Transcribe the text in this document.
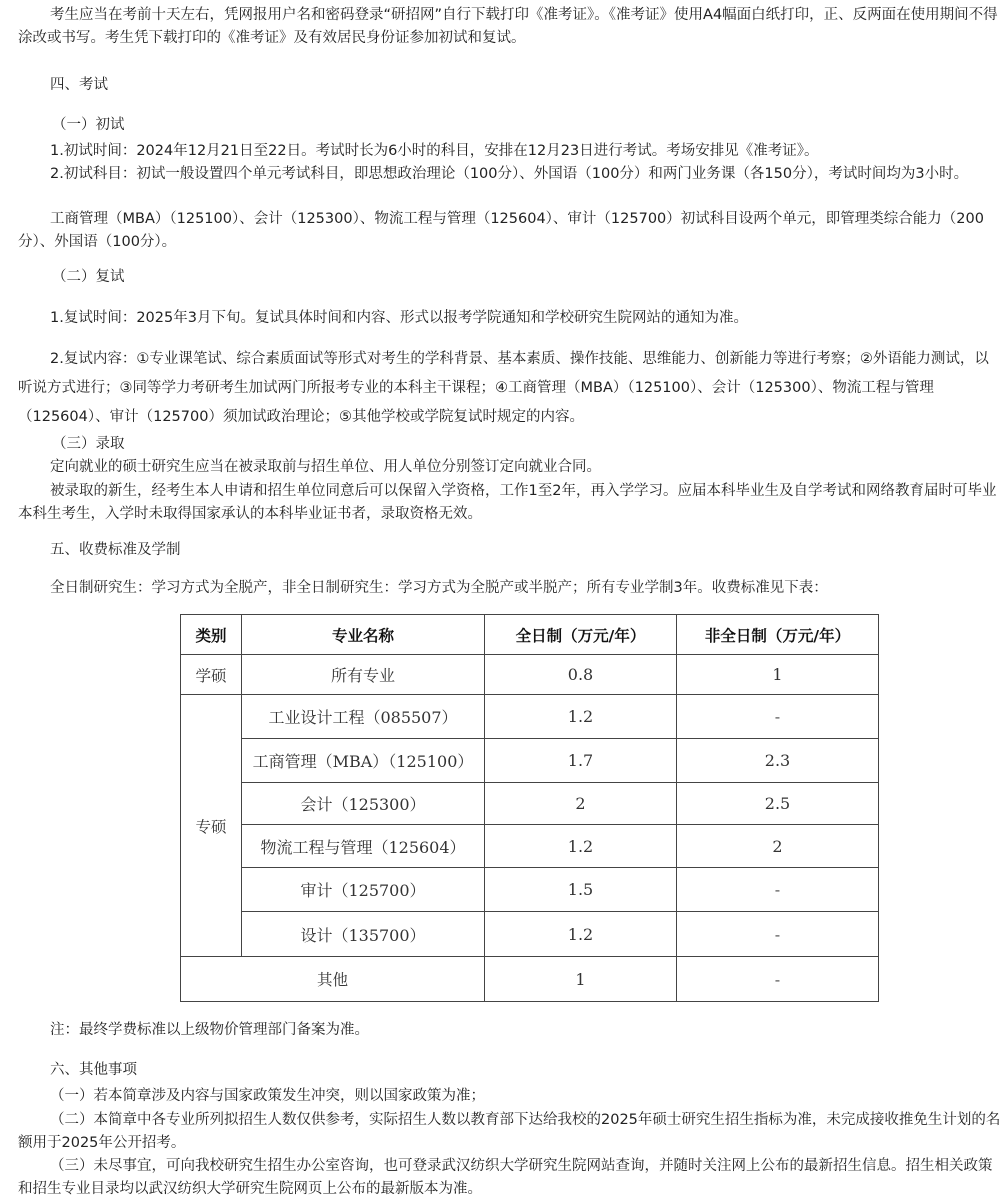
考生应当在考前十天左右，凭网报用户名和密码登录“研招网”自行下载打印《准考证》。《准考证》使用A4幅面白纸打印，正、反两面在使用期间不得涂改或书写。考生凭下载打印的《准考证》及有效居民身份证参加初试和复试。
四、考试
（一）初试
1.初试时间：2024年12月21日至22日。考试时长为6小时的科目，安排在12月23日进行考试。考场安排见《准考证》。
2.初试科目：初试一般设置四个单元考试科目，即思想政治理论（100分）、外国语（100分）和两门业务课（各150分），考试时间均为3小时。
工商管理（MBA）（125100）、会计（125300）、物流工程与管理（125604）、审计（125700）初试科目设两个单元，即管理类综合能力（200分）、外国语（100分）。
（二）复试
1.复试时间：2025年3月下旬。复试具体时间和内容、形式以报考学院通知和学校研究生院网站的通知为准。
2.复试内容：①专业课笔试、综合素质面试等形式对考生的学科背景、基本素质、操作技能、思维能力、创新能力等进行考察；②外语能力测试，以听说方式进行；③同等学力考研考生加试两门所报考专业的本科主干课程；④工商管理（MBA）（125100）、会计（125300）、物流工程与管理（125604）、审计（125700）须加试政治理论；⑤其他学校或学院复试时规定的内容。
（三）录取
定向就业的硕士研究生应当在被录取前与招生单位、用人单位分别签订定向就业合同。
被录取的新生，经考生本人申请和招生单位同意后可以保留入学资格，工作1至2年，再入学学习。应届本科毕业生及自学考试和网络教育届时可毕业本科生考生，入学时未取得国家承认的本科毕业证书者，录取资格无效。
五、收费标准及学制
全日制研究生：学习方式为全脱产，非全日制研究生：学习方式为全脱产或半脱产；所有专业学制3年。收费标准见下表：
类别	专业名称	全日制（万元/年）	非全日制（万元/年）
学硕	所有专业	0.8	1
专硕	工业设计工程（085507）	1.2	-
	工商管理（MBA）（125100）	1.7	2.3
	会计（125300）	2	2.5
	物流工程与管理（125604）	1.2	2
	审计（125700）	1.5	-
	设计（135700）	1.2	-
其他		1	-
注：最终学费标准以上级物价管理部门备案为准。
六、其他事项
（一）若本简章涉及内容与国家政策发生冲突，则以国家政策为准；
（二）本简章中各专业所列拟招生人数仅供参考，实际招生人数以教育部下达给我校的2025年硕士研究生招生指标为准，未完成接收推免生计划的名额用于2025年公开招考。
（三）未尽事宜，可向我校研究生招生办公室咨询，也可登录武汉纺织大学研究生院网站查询，并随时关注网上公布的最新招生信息。招生相关政策和招生专业目录均以武汉纺织大学研究生院网页上公布的最新版本为准。
